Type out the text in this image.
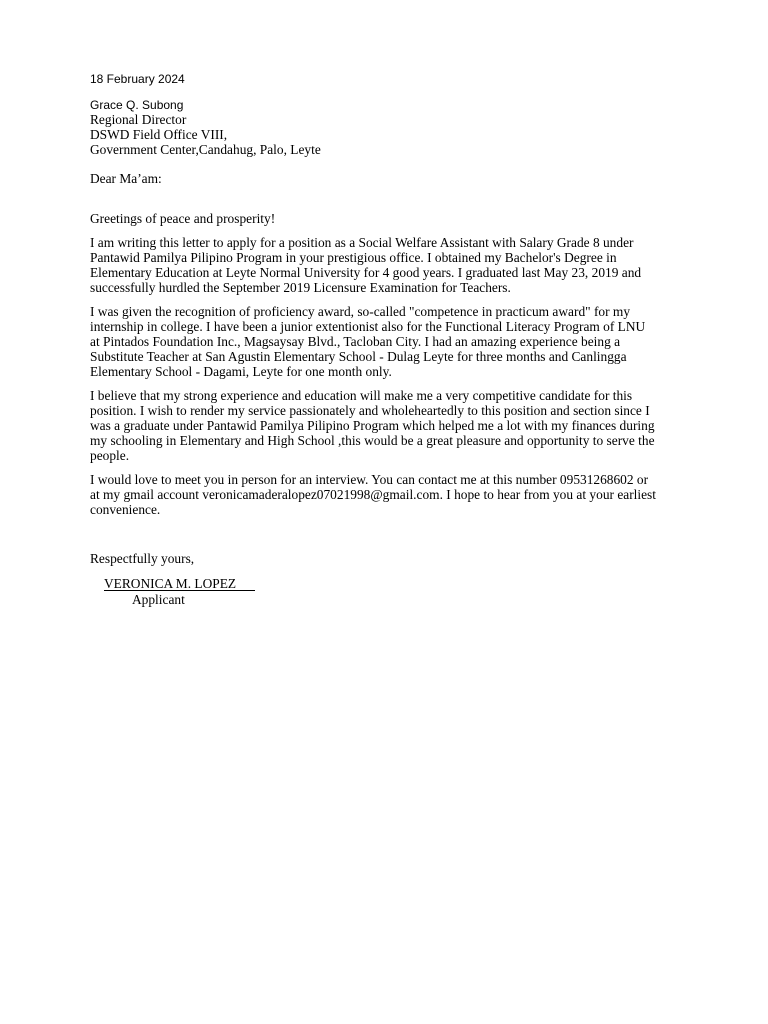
18 February 2024
Grace Q. Subong
Regional Director
DSWD Field Office VIII,
Government Center,Candahug, Palo, Leyte
Dear Ma’am:
Greetings of peace and prosperity!
I am writing this letter to apply for a position as a Social Welfare Assistant with Salary Grade 8 under
Pantawid Pamilya Pilipino Program in your prestigious office. I obtained my Bachelor's Degree in
Elementary Education at Leyte Normal University for 4 good years. I graduated last May 23, 2019 and
successfully hurdled the September 2019 Licensure Examination for Teachers.
I was given the recognition of proficiency award, so-called "competence in practicum award" for my
internship in college. I have been a junior extentionist also for the Functional Literacy Program of LNU
at Pintados Foundation Inc., Magsaysay Blvd., Tacloban City. I had an amazing experience being a
Substitute Teacher at San Agustin Elementary School - Dulag Leyte for three months and Canlingga
Elementary School - Dagami, Leyte for one month only.
I believe that my strong experience and education will make me a very competitive candidate for this
position. I wish to render my service passionately and wholeheartedly to this position and section since I
was a graduate under Pantawid Pamilya Pilipino Program which helped me a lot with my finances during
my schooling in Elementary and High School ,this would be a great pleasure and opportunity to serve the
people.
I would love to meet you in person for an interview. You can contact me at this number 09531268602 or
at my gmail account veronicamaderalopez07021998@gmail.com. I hope to hear from you at your earliest
convenience.
Respectfully yours,
VERONICA M. LOPEZ
Applicant
